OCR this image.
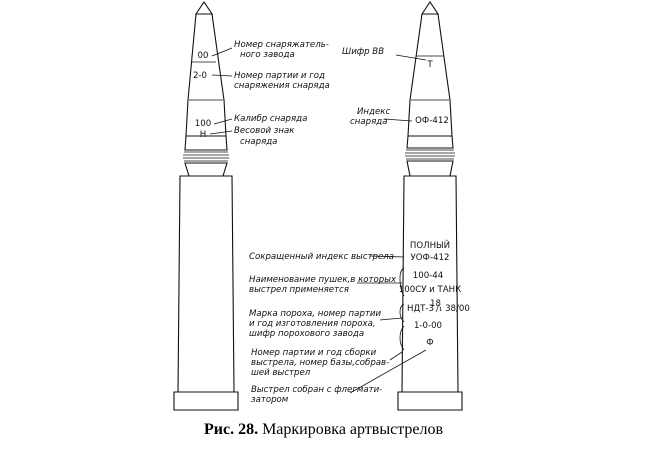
00
2-0
100
Н
Номер снаряжатель-
ного завода
Номер партии и год
снаряжения снаряда
Калибр снаряда
Весовой знак
снаряда
Сокращенный индекс выстрела
Наименование пушек,в которых
выстрел применяется
Марка пороха, номер партии
и год изготовления пороха,
шифр порохового завода
Номер партии и год сборки
выстрела, номер базы,собрав-
шей выстрел
Выстрел собран с флегмати-
затором
Т
ОФ-412
ПОЛНЫЙ
УОФ-412
100-44
100СУ и ТАНК
НДТ-3
18
/₁ 38/00
1-0-00
Ф
Шифр ВВ
Индекс
снаряда
Рис. 28. Маркировка артвыстрелов
